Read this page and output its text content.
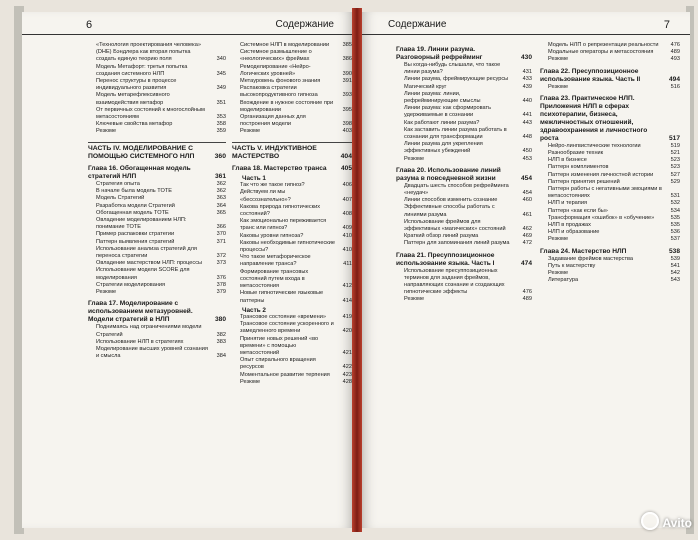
6	Содержание
«Технология проектирования человека» (DHE) Бэндлера как вторая попытка создать единую теорию поля	340
Модель Метафорт: третья попытка создания системного НЛП	345
Перенос структуры в процессе индивидуального развития	349
Модель метарефлексивного взаимодействия метафор	351
От первичных состояний к многослойным метасостояниям	353
Ключевые свойства метафор	358
Резюме	359
ЧАСТЬ IV. МОДЕЛИРОВАНИЕ С ПОМОЩЬЮ СИСТЕМНОГО НЛП	360
Глава 16. Обогащенная модель стратегий НЛП	361
Стратегия опыта	362
В начале была модель TOTE	362
Модель Стратегий	363
Разработка модели Стратегий	364
Обогащенная модель TOTE	365
Овладение моделированием НЛП: понимание TOTE	366
Пример распаковки стратегии	370
Паттерн выявления стратегий	371
Использование анализа стратегий для переноса стратегии	372
Овладение мастерством НЛП: процессы	373
Использование модели SCORE для моделирования	376
Стратегии моделирования	378
Резюме	379
Глава 17. Моделирование с использованием метазуровней. Модели стратегий в НЛП	380
Поднимаясь над ограничениями модели Стратегий	382
Использование НЛП в стратегиях	383
Моделирование высших уровней сознания и смысла	384
Системное НЛП в моделировании 385
Системное размышление о «неологических» фреймах	386
Ремоделирование «Нейро-Логических уровней»	390
Метауровень фонового знания	391
Распаковка стратегии высокопродуктивного гипноза	393
Вхождение в нужное состояние при моделировании	395
Организация данных для построения модели	398
Резюме	403
ЧАСТЬ V. ИНДУКТИВНОЕ МАСТЕРСТВО	404
Глава 18. Мастерство транса 405
Часть 1
Так что же такое гипноз?	406
Действуем ли мы «бессознательно»?	407
Какова природа гипнотических состояний?	408
Как эмоционально переживается транс или гипноз?	409
Каковы уровни гипноза?	410
Каковы необходимые гипнотические процессы?	410
Что такое метафорическое направление транса?	411
Формирование трансовых состояний путем входа в метасостояния	412
Новые гипнотические языковые паттерны	414
Часть 2
Трансовое состояние «времени»	419
Трансовое состояние ускоренного и замедленного времени	420
Принятие новых решений «во времени» с помощью метасостояний	421
Опыт спирального вращения ресурсов	422
Моментальное развитие терпения 423
Резюме	428
Содержание	7
Глава 19. Линии разума. Разговорный рефрейминг	430
Вы когда-нибудь слышали, что такое линии разума?	431
Линии разума, фреймирующие ресурсы	433
Магический круг	439
Линии разума: линии, рефрейминирующие смыслы	440
Линии разума: как сформировать удерживаемые в сознании	441
Как работают линии разума?	443
Как заставить линии разума работать в сознании для трансформации	448
Линии разума для укрепления эффективных убеждений	450
Резюме	453
Глава 20. Использование линий разума в повседневной жизни	454
Двадцать шесть способов рефрейминга «неудач»	454
Линии способов изменить сознание	460
Эффективные способы работать с линиями разума	461
Использование фреймов для эффективных «магических» состояний	462
Краткий обзор линий разума	469
Паттерн для запоминания линий разума 472
Глава 21. Пресуппозиционное использование языка. Часть I	474
Использование пресуппозиционных терминов для задания фреймов, направляющих сознание и создающих гипнотические эффекты	476
Резюме	489
Модель НЛП о репрезентации реальности 476
Модальные операторы и метасостояния	489
Резюме	493
Глава 22. Пресуппозиционное использование языка. Часть II	494
Резюме	516
Глава 23. Практическое НЛП. Приложения НЛП в сферах психотерапии, бизнеса, межличностных отношений, здравоохранения и личностного роста	517
Нейро-лингвистические технологии	519
Разнообразие техник	521
НЛП в бизнесе	523
Паттерн комплиментов	523
Паттерн изменения личностной истории	527
Паттерн принятия решений	529
Паттерн работы с негативными эмоциями в метасостояниях	531
НЛП и терапия	532
Паттерн «как если бы»	534
Трансформация «ошибок» в «обучение»	535
НЛП в продажах	535
НЛП и образование	536
Резюме	537
Глава 24. Мастерство НЛП	538
Задавание фреймов мастерства	539
Путь к мастерству	541
Резюме	542
Литература	543
Avito
